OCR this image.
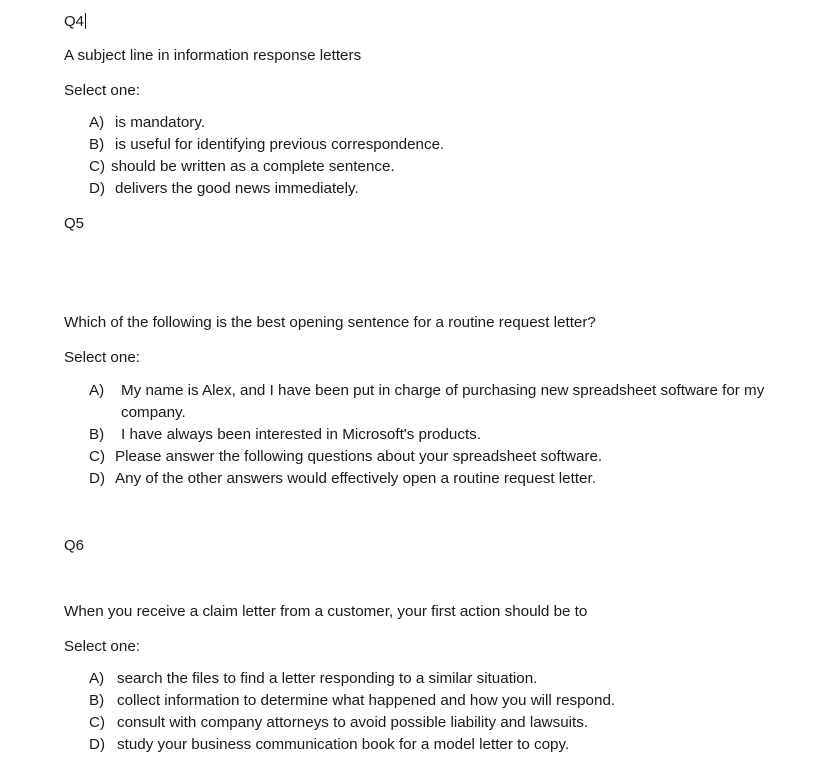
Q4
A subject line in information response letters
Select one:
A) is mandatory.
B) is useful for identifying previous correspondence.
C) should be written as a complete sentence.
D) delivers the good news immediately.
Q5
Which of the following is the best opening sentence for a routine request letter?
Select one:
A)	My name is Alex, and I have been put in charge of purchasing new spreadsheet software for my company.
B)	I have always been interested in Microsoft's products.
C) Please answer the following questions about your spreadsheet software.
D) Any of the other answers would effectively open a routine request letter.
Q6
When you receive a claim letter from a customer, your first action should be to
Select one:
A) search the files to find a letter responding to a similar situation.
B) collect information to determine what happened and how you will respond.
C) consult with company attorneys to avoid possible liability and lawsuits.
D) study your business communication book for a model letter to copy.
